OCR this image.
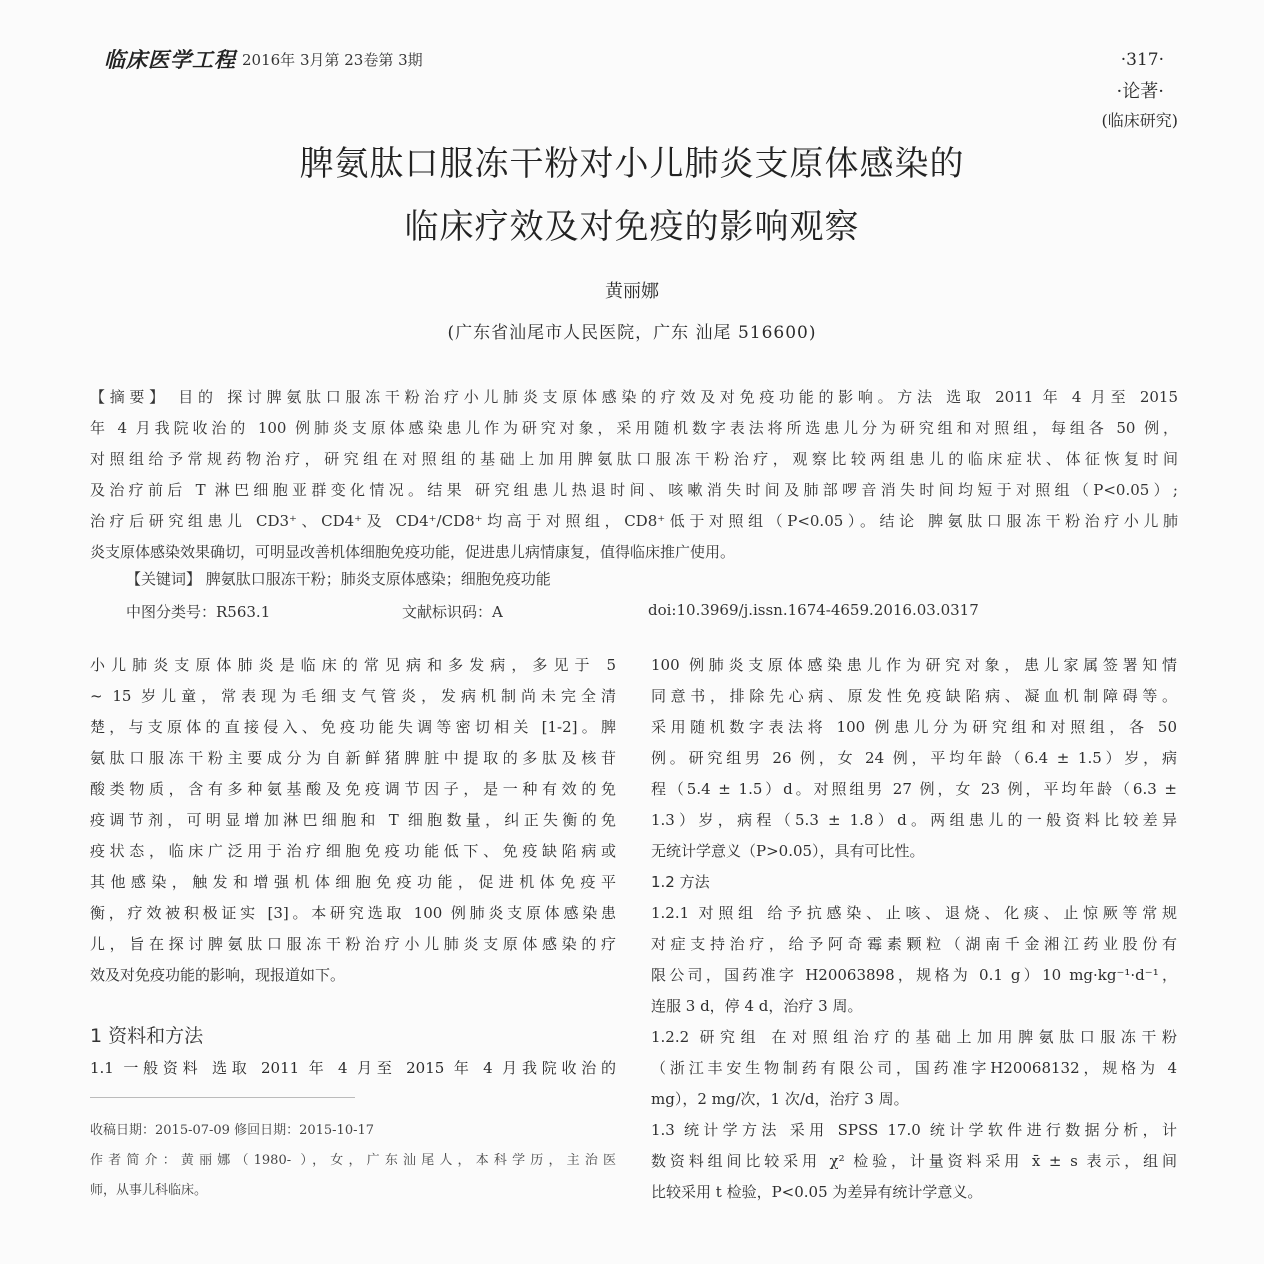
临床医学工程 2016年 3月第 23卷第 3期	·317·
·论著·
(临床研究)
脾氨肽口服冻干粉对小儿肺炎支原体感染的
临床疗效及对免疫的影响观察
黄丽娜
(广东省汕尾市人民医院，广东 汕尾 516600)
【摘要】 目的 探讨脾氨肽口服冻干粉治疗小儿肺炎支原体感染的疗效及对免疫功能的影响。方法 选取 2011 年 4 月至 2015
年 4 月我院收治的 100 例肺炎支原体感染患儿作为研究对象，采用随机数字表法将所选患儿分为研究组和对照组，每组各 50 例，
对照组给予常规药物治疗，研究组在对照组的基础上加用脾氨肽口服冻干粉治疗，观察比较两组患儿的临床症状、体征恢复时间
及治疗前后 T 淋巴细胞亚群变化情况。结果 研究组患儿热退时间、咳嗽消失时间及肺部啰音消失时间均短于对照组（P<0.05）;
治疗后研究组患儿 CD3⁺、CD4⁺及 CD4⁺/CD8⁺均高于对照组，CD8⁺低于对照组（P<0.05）。结论 脾氨肽口服冻干粉治疗小儿肺
炎支原体感染效果确切，可明显改善机体细胞免疫功能，促进患儿病情康复，值得临床推广使用。
【关键词】 脾氨肽口服冻干粉；肺炎支原体感染；细胞免疫功能
中图分类号：R563.1	文献标识码：A	doi:10.3969/j.issn.1674-4659.2016.03.0317
小儿肺炎支原体肺炎是临床的常见病和多发病，多见于 5
~ 15 岁儿童，常表现为毛细支气管炎，发病机制尚未完全清
楚，与支原体的直接侵入、免疫功能失调等密切相关 [1-2]。脾
氨肽口服冻干粉主要成分为自新鲜猪脾脏中提取的多肽及核苷
酸类物质，含有多种氨基酸及免疫调节因子，是一种有效的免
疫调节剂，可明显增加淋巴细胞和 T 细胞数量，纠正失衡的免
疫状态，临床广泛用于治疗细胞免疫功能低下、免疫缺陷病或
其他感染，触发和增强机体细胞免疫功能，促进机体免疫平
衡，疗效被积极证实 [3]。本研究选取 100 例肺炎支原体感染患
儿，旨在探讨脾氨肽口服冻干粉治疗小儿肺炎支原体感染的疗
效及对免疫功能的影响，现报道如下。
1 资料和方法
1.1 一般资料 选取 2011 年 4 月至 2015 年 4 月我院收治的
收稿日期：2015-07-09 修回日期：2015-10-17
作者简介：黄丽娜（1980- ），女，广东汕尾人，本科学历，主治医
师，从事儿科临床。
100 例肺炎支原体感染患儿作为研究对象，患儿家属签署知情
同意书，排除先心病、原发性免疫缺陷病、凝血机制障碍等。
采用随机数字表法将 100 例患儿分为研究组和对照组，各 50
例。研究组男 26 例，女 24 例，平均年龄（6.4 ± 1.5）岁，病
程（5.4 ± 1.5）d。对照组男 27 例，女 23 例，平均年龄（6.3 ±
1.3）岁，病程（5.3 ± 1.8）d。两组患儿的一般资料比较差异
无统计学意义（P>0.05），具有可比性。
1.2 方法
1.2.1 对照组 给予抗感染、止咳、退烧、化痰、止惊厥等常规
对症支持治疗，给予阿奇霉素颗粒（湖南千金湘江药业股份有
限公司，国药准字 H20063898，规格为 0.1 g）10 mg·kg⁻¹·d⁻¹，
连服 3 d，停 4 d，治疗 3 周。
1.2.2 研究组 在对照组治疗的基础上加用脾氨肽口服冻干粉
（浙江丰安生物制药有限公司，国药准字H20068132，规格为 4
mg），2 mg/次，1 次/d，治疗 3 周。
1.3 统计学方法 采用 SPSS 17.0 统计学软件进行数据分析，计
数资料组间比较采用 χ² 检验，计量资料采用 x̄ ± s 表示，组间
比较采用 t 检验，P<0.05 为差异有统计学意义。
